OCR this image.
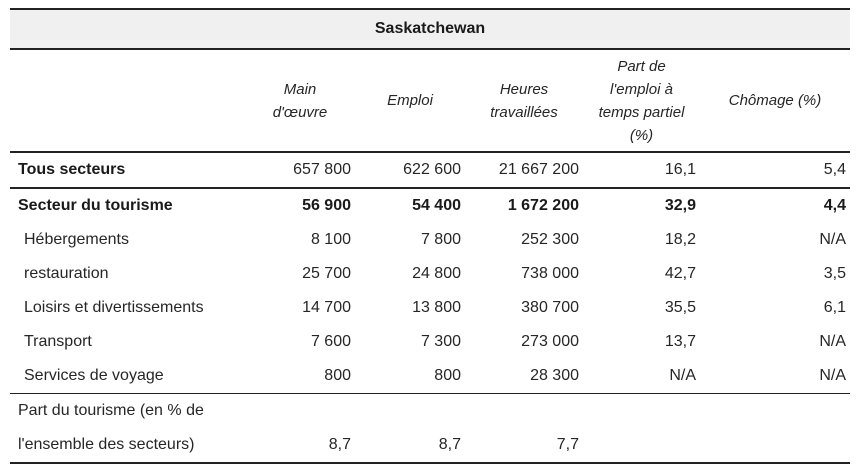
Saskatchewan					
	Main d'œuvre	Emploi	Heures travaillées	Part de l'emploi à temps partiel (%)	Chômage (%)
Tous secteurs	657 800	622 600	21 667 200	16,1	5,4
Secteur du tourisme	56 900	54 400	1 672 200	32,9	4,4
Hébergements	8 100	7 800	252 300	18,2	N/A
restauration	25 700	24 800	738 000	42,7	3,5
Loisirs et divertissements	14 700	13 800	380 700	35,5	6,1
Transport	7 600	7 300	273 000	13,7	N/A
Services de voyage	800	800	28 300	N/A	N/A
Part du tourisme (en % de l'ensemble des secteurs)	8,7	8,7	7,7		
